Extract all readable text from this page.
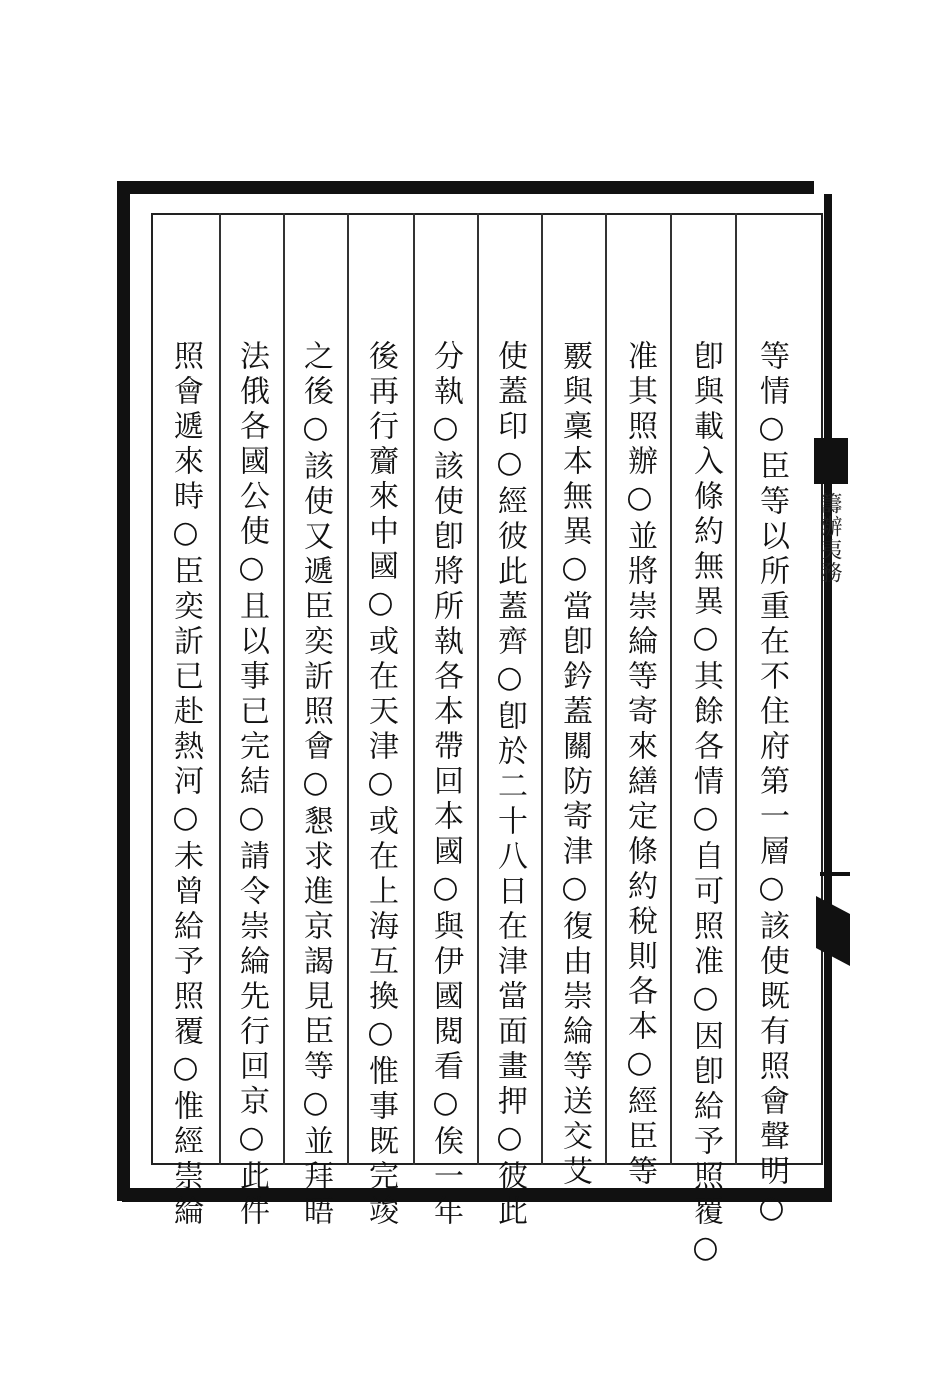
等情○臣等以所重在不住府第一層○該使既有照會聲明○
卽與載入條約無異○其餘各情○自可照准○因卽給予照覆○
准其照辦○並將崇綸等寄來繕定條約稅則各本○經臣等
覈與稾本無異○當卽鈐蓋關防寄津○復由崇綸等送交艾
使蓋印○經彼此蓋齊○卽於二十八日在津當面畫押○彼此
分執○該使卽將所執各本帶回本國○與伊國閱看○俟一年
後再行齎來中國○或在天津○或在上海互換○惟事既完竣
之後○該使又遞臣奕訢照會○懇求進京謁見臣等○並拜晤
法俄各國公使○且以事已完結○請令崇綸先行回京○此件
照會遞來時○臣奕訢已赴熱河○未曾給予照覆○惟經崇綸	籌辦夷務
